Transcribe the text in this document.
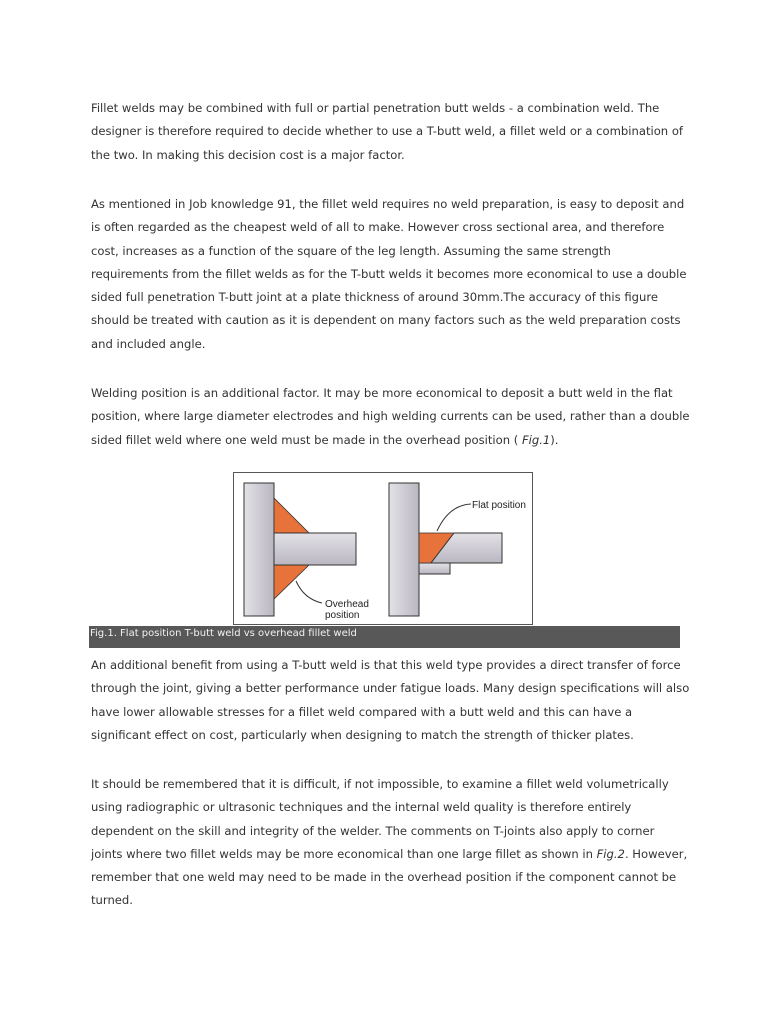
Fillet welds may be combined with full or partial penetration butt welds - a combination weld. The
designer is therefore required to decide whether to use a T-butt weld, a fillet weld or a combination of
the two. In making this decision cost is a major factor.
As mentioned in Job knowledge 91, the fillet weld requires no weld preparation, is easy to deposit and
is often regarded as the cheapest weld of all to make. However cross sectional area, and therefore
cost, increases as a function of the square of the leg length. Assuming the same strength
requirements from the fillet welds as for the T-butt welds it becomes more economical to use a double
sided full penetration T-butt joint at a plate thickness of around 30mm.The accuracy of this figure
should be treated with caution as it is dependent on many factors such as the weld preparation costs
and included angle.
Welding position is an additional factor. It may be more economical to deposit a butt weld in the flat
position, where large diameter electrodes and high welding currents can be used, rather than a double
sided fillet weld where one weld must be made in the overhead position ( Fig.1).
Overhead
position
Flat position
Fig.1. Flat position T-butt weld vs overhead fillet weld
An additional benefit from using a T-butt weld is that this weld type provides a direct transfer of force
through the joint, giving a better performance under fatigue loads. Many design specifications will also
have lower allowable stresses for a fillet weld compared with a butt weld and this can have a
significant effect on cost, particularly when designing to match the strength of thicker plates.
It should be remembered that it is difficult, if not impossible, to examine a fillet weld volumetrically
using radiographic or ultrasonic techniques and the internal weld quality is therefore entirely
dependent on the skill and integrity of the welder. The comments on T-joints also apply to corner
joints where two fillet welds may be more economical than one large fillet as shown in Fig.2. However,
remember that one weld may need to be made in the overhead position if the component cannot be
turned.
